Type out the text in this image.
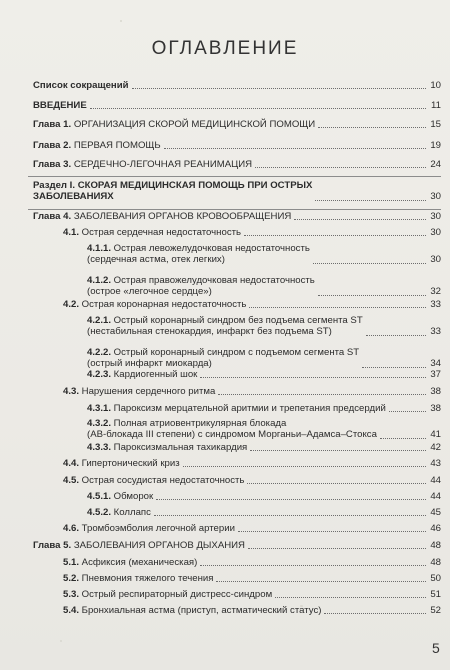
ОГЛАВЛЕНИЕ
Список сокращений	10
ВВЕДЕНИЕ	11
Глава 1. ОРГАНИЗАЦИЯ СКОРОЙ МЕДИЦИНСКОЙ ПОМОЩИ	15
Глава 2. ПЕРВАЯ ПОМОЩЬ	19
Глава 3. СЕРДЕЧНО-ЛЕГОЧНАЯ РЕАНИМАЦИЯ	24
Раздел I. СКОРАЯ МЕДИЦИНСКАЯ ПОМОЩЬ ПРИ ОСТРЫХ
ЗАБОЛЕВАНИЯХ	30
Глава 4. ЗАБОЛЕВАНИЯ ОРГАНОВ КРОВООБРАЩЕНИЯ	30
4.1. Острая сердечная недостаточность	30
4.1.1. Острая левожелудочковая недостаточность
(сердечная астма, отек легких)	30
4.1.2. Острая правожелудочковая недостаточность
(острое «легочное сердце»)	32
4.2. Острая коронарная недостаточность	33
4.2.1. Острый коронарный синдром без подъема сегмента ST
(нестабильная стенокардия, инфаркт без подъема ST)	33
4.2.2. Острый коронарный синдром с подъемом сегмента ST
(острый инфаркт миокарда)	34
4.2.3. Кардиогенный шок	37
4.3. Нарушения сердечного ритма	38
4.3.1. Пароксизм мерцательной аритмии и трепетания предсердий	38
4.3.2. Полная атриовентрикулярная блокада
(АВ-блокада III степени) с синдромом Морганьи–Адамса–Стокса	41
4.3.3. Пароксизмальная тахикардия	42
4.4. Гипертонический криз	43
4.5. Острая сосудистая недостаточность	44
4.5.1. Обморок	44
4.5.2. Коллапс	45
4.6. Тромбоэмболия легочной артерии	46
Глава 5. ЗАБОЛЕВАНИЯ ОРГАНОВ ДЫХАНИЯ	48
5.1. Асфиксия (механическая)	48
5.2. Пневмония тяжелого течения	50
5.3. Острый респираторный дистресс-синдром	51
5.4. Бронхиальная астма (приступ, астматический статус)	52
5
